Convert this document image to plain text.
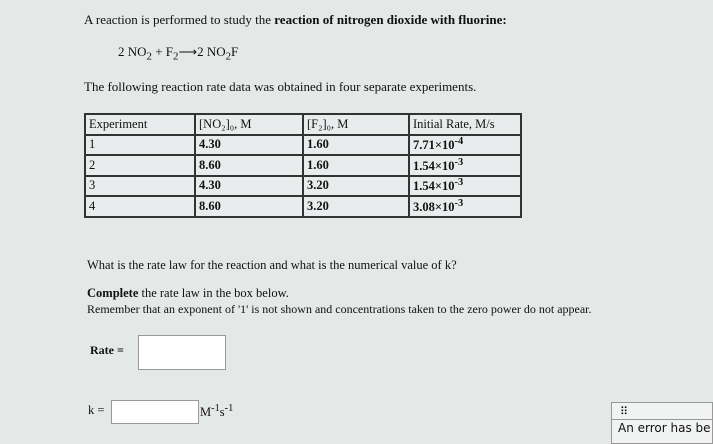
A reaction is performed to study the reaction of nitrogen dioxide with fluorine:
2 $NO_2$ + $F_2⟶2$ $NO_2F$
The following reaction rate data was obtained in four separate experiments.
Experiment	[NO₂]₀, M	[F₂]₀, M	Initial Rate, M/s
1	4.30	1.60	$7.71\times 10^{-4}$
2	8.60	1.60	$1.54\times 10^{-3}$
3	4.30	3.20	$1.54\times 10^{-3}$
4	8.60	3.20	$3.08\times 10^{-3}$
What is the rate law for the reaction and what is the numerical value of k?
Complete the rate law in the box below.
Remember that an exponent of '1' is not shown and concentrations taken to the zero power do not appear.
Rate =
k =	$M^{-1}s^{-1}$	⠿
An error has be
